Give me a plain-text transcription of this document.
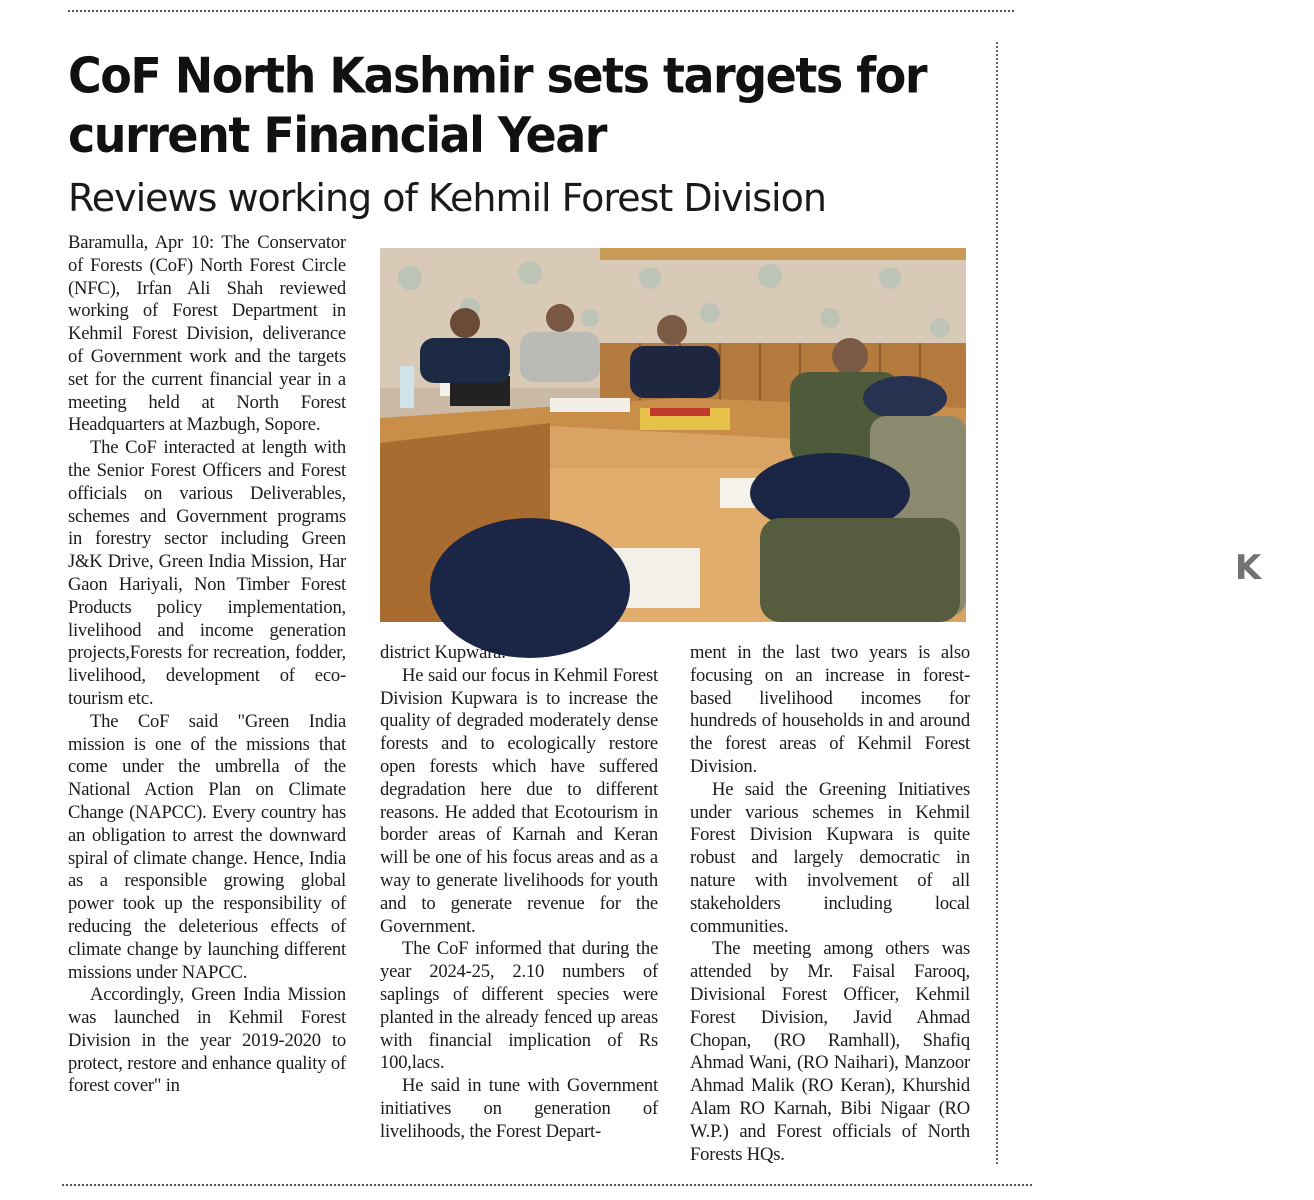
CoF North Kashmir sets targets for current Financial Year
Reviews working of Kehmil Forest Division

Baramulla, Apr 10: The Conservator of Forests (CoF) North Forest Circle (NFC), Irfan Ali Shah reviewed working of Forest Department in Kehmil Forest Division, deliverance of Government work and the targets set for the current financial year in a meeting held at North Forest Headquarters at Mazbugh, Sopore.

The CoF interacted at length with the Senior Forest Officers and Forest officials on various Deliverables, schemes and Government programs in forestry sector including Green J&K Drive, Green India Mission, Har Gaon Hariyali, Non Timber Forest Products policy implementation, livelihood and income generation projects,Forests for recreation, fodder, livelihood, development of eco-tourism etc.

The CoF said "Green India mission is one of the missions that come under the umbrella of the National Action Plan on Climate Change (NAPCC). Every country has an obligation to arrest the downward spiral of climate change. Hence, India as a responsible growing global power took up the responsibility of reducing the deleterious effects of climate change by launching different missions under NAPCC.

Accordingly, Green India Mission was launched in Kehmil Forest Division in the year 2019-2020 to protect, restore and enhance quality of forest cover" in

K
KINEMASTER

district Kupwara.

He said our focus in Kehmil Forest Division Kupwara is to increase the quality of degraded moderately dense forests and to ecologically restore open forests which have suffered degradation here due to different reasons. He added that Ecotourism in border areas of Karnah and Keran will be one of his focus areas and as a way to generate livelihoods for youth and to generate revenue for the Government.

The CoF informed that during the year 2024-25, 2.10 numbers of saplings of different species were planted in the already fenced up areas with financial implication of Rs 100,lacs.

He said in tune with Government initiatives on generation of livelihoods, the Forest Depart-

ment in the last two years is also focusing on an increase in forest-based livelihood incomes for hundreds of households in and around the forest areas of Kehmil Forest Division.

He said the Greening Initiatives under various schemes in Kehmil Forest Division Kupwara is quite robust and largely democratic in nature with involvement of all stakeholders including local communities.

The meeting among others was attended by Mr. Faisal Farooq, Divisional Forest Officer, Kehmil Forest Division, Javid Ahmad Chopan, (RO Ramhall), Shafiq Ahmad Wani, (RO Naihari), Manzoor Ahmad Malik (RO Keran), Khurshid Alam RO Karnah, Bibi Nigaar (RO W.P.) and Forest officials of North Forests HQs.
